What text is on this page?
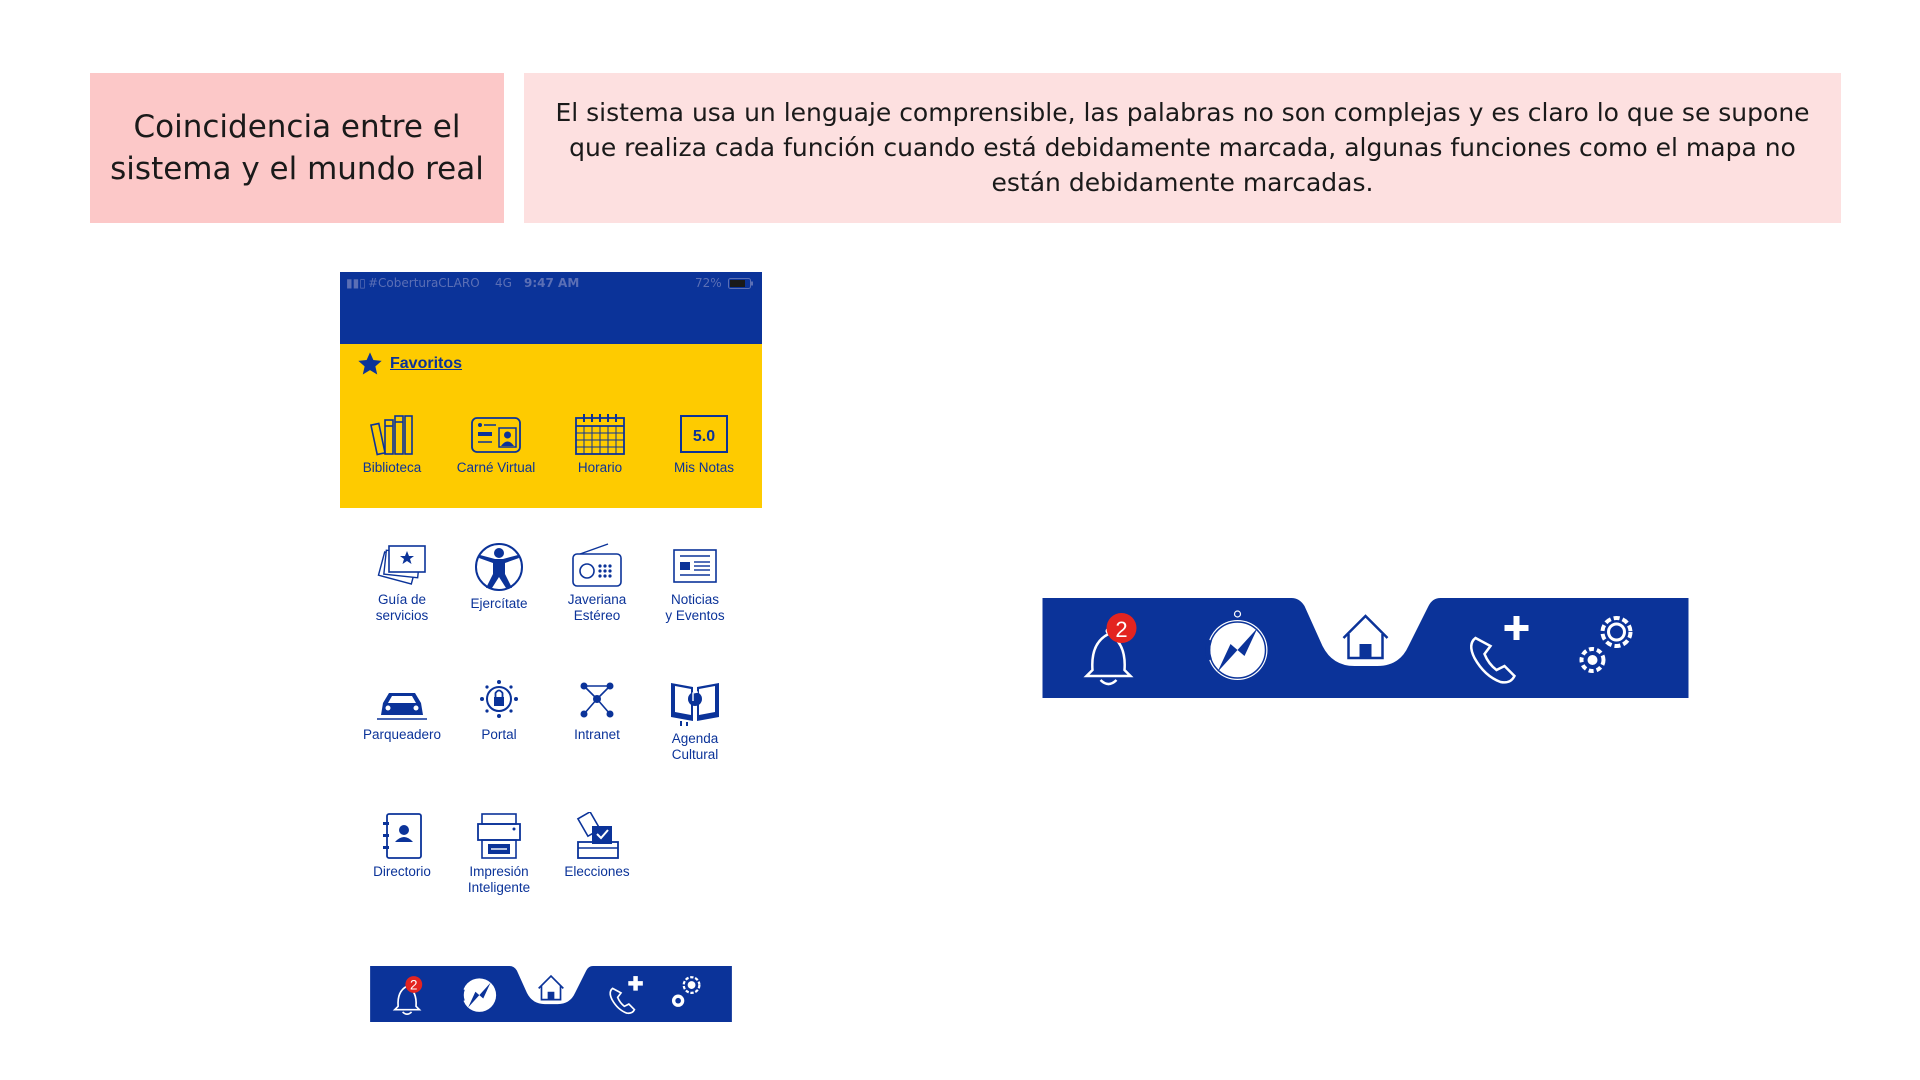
Coincidencia entre el sistema y el mundo real
El sistema usa un lenguaje comprensible, las palabras no son complejas y es claro lo que se supone que realiza cada función cuando está debidamente marcada, algunas funciones como el mapa no están debidamente marcadas.
▮▮▯ #CoberturaCLARO 4G 9:47 AM	72%
Favoritos
Biblioteca	Carné Virtual	Horario
5.0
Mis Notas
Guía de
servicios
Ejercítate	Javeriana
Estéreo
Noticias
y Eventos
Parqueadero	Portal	Intranet	Agenda
Cultural
Directorio	Impresión
Inteligente
Elecciones
2
2
